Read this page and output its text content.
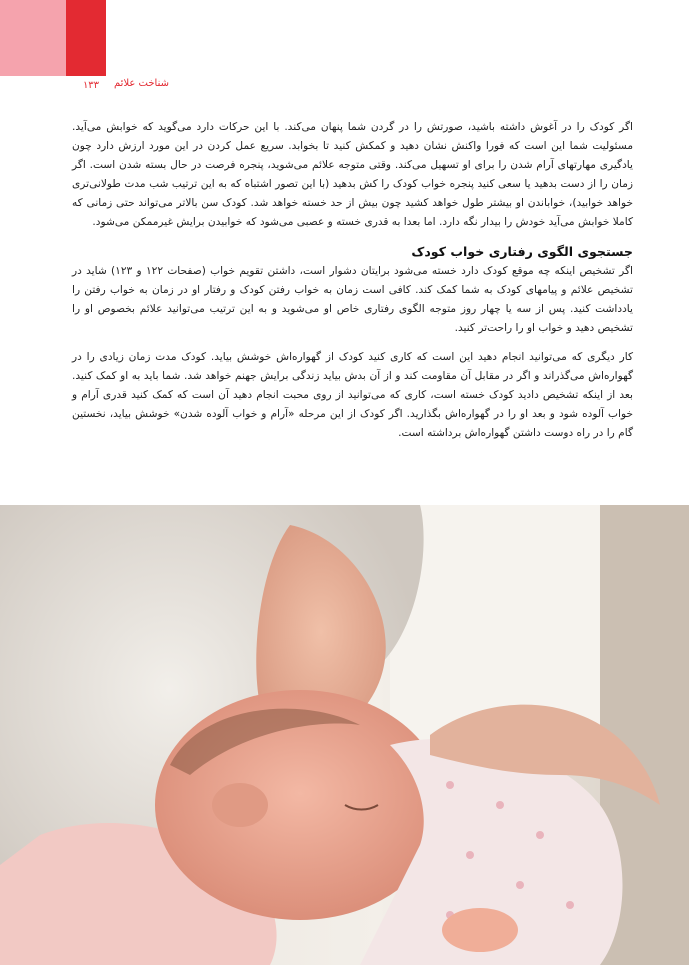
۱۳۳ شناخت علائم

اگر کودک را در آغوش داشته باشید، صورتش را در گردن شما پنهان می‌کند. با این حرکات دارد می‌گوید که خوابش می‌آید. مسئولیت شما این است که فورا واکنش نشان دهید و کمکش کنید تا بخوابد. سریع عمل کردن در این مورد ارزش دارد چون یادگیری مهارتهای آرام شدن را برای او تسهیل می‌کند. وقتی متوجه علائم می‌شوید، پنجره فرصت در حال بسته شدن است. اگر زمان را از دست بدهید یا سعی کنید پنجره خواب کودک را کش بدهید (با این تصور اشتباه که به این ترتیب شب مدت طولانی‌تری خواهد خوابید)، خواباندن او بیشتر طول خواهد کشید چون بیش از حد خسته خواهد شد. کودک سن بالاتر می‌تواند حتی زمانی که کاملا خوابش می‌آید خودش را بیدار نگه دارد. اما بعدا به قدری خسته و عصبی می‌شود که خوابیدن برایش غیرممکن می‌شود.

جستجوی الگوی رفتاری خواب کودک

اگر تشخیص اینکه چه موقع کودک دارد خسته می‌شود برایتان دشوار است، داشتن تقویم خواب (صفحات ۱۲۲ و ۱۲۳) شاید در تشخیص علائم و پیامهای کودک به شما کمک کند. کافی است زمان به خواب رفتن کودک و رفتار او در زمان به خواب رفتن را یادداشت کنید. پس از سه یا چهار روز متوجه الگوی رفتاری خاص او می‌شوید و به این ترتیب می‌توانید علائم بخصوص او را تشخیص دهید و خواب او را راحت‌تر کنید.

کار دیگری که می‌توانید انجام دهید این است که کاری کنید کودک از گهواره‌اش خوشش بیاید. کودک مدت زمان زیادی را در گهواره‌اش می‌گذراند و اگر در مقابل آن مقاومت کند و از آن بدش بیاید زندگی برایش جهنم خواهد شد. شما باید به او کمک کنید. بعد از اینکه تشخیص دادید کودک خسته است، کاری که می‌توانید از روی محبت انجام دهید آن است که کمک کنید قدری آرام و خواب آلوده شود و بعد او را در گهواره‌اش بگذارید. اگر کودک از این مرحله «آرام و خواب آلوده شدن» خوشش بیاید، نخستین گام را در راه دوست داشتن گهواره‌اش برداشته است.
